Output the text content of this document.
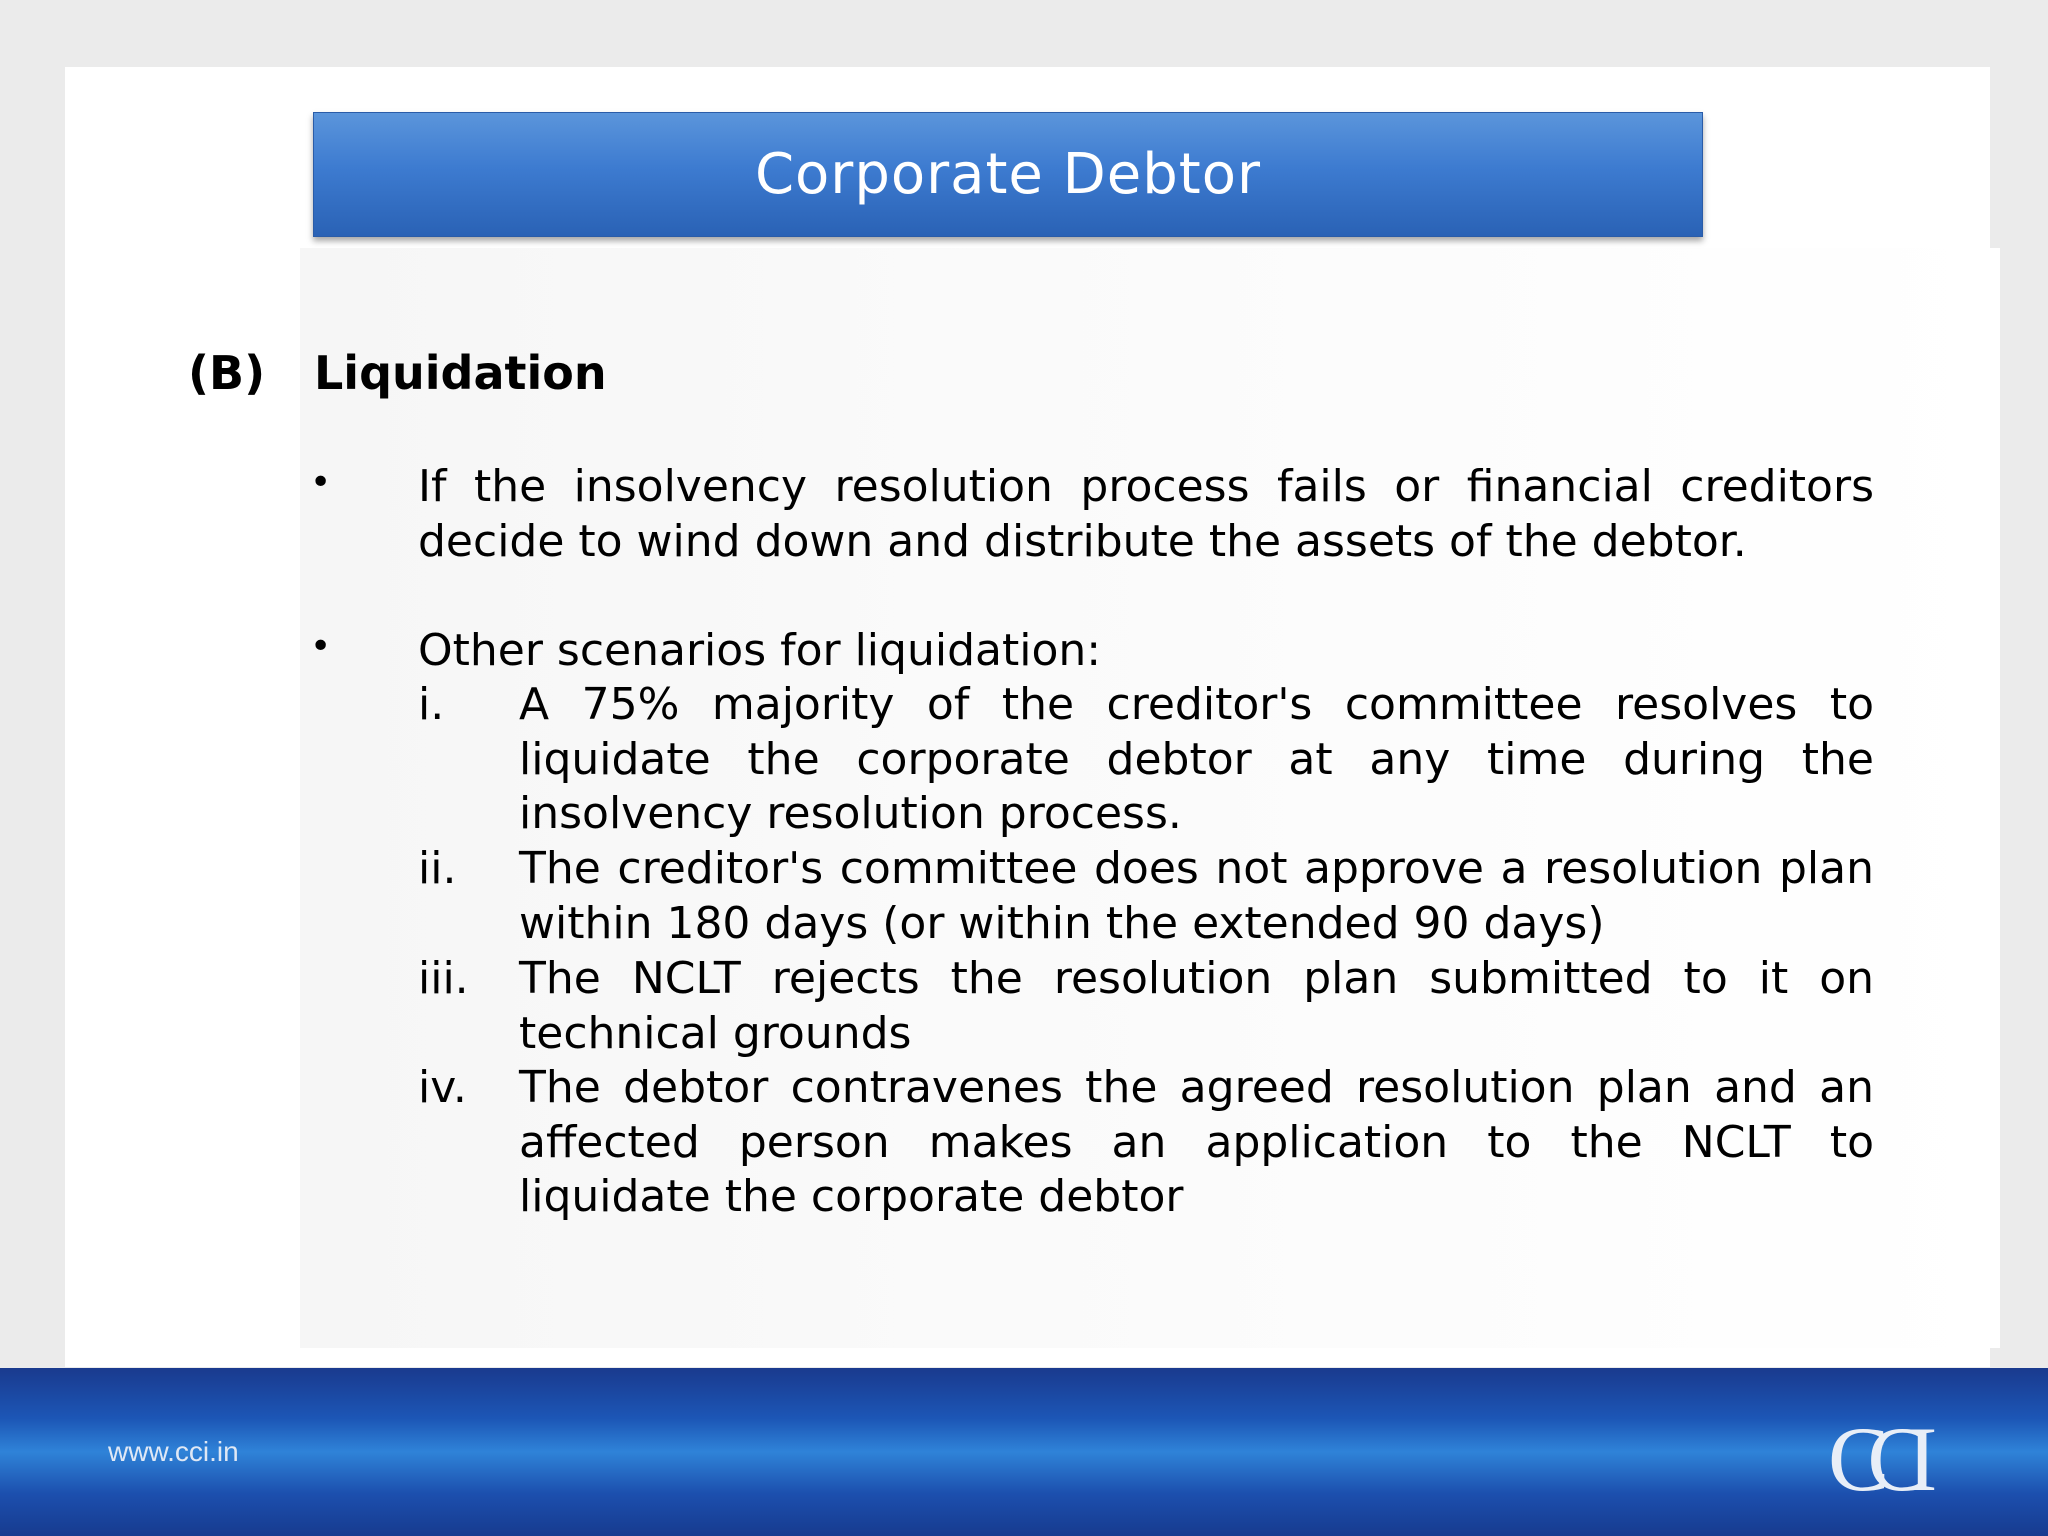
Corporate Debtor
(B)	Liquidation
• If the insolvency resolution process fails or financial creditors decide to wind down and distribute the assets of the debtor.
• Other scenarios for liquidation:
i. A 75% majority of the creditor's committee resolves to liquidate the corporate debtor at any time during the insolvency resolution process.
ii. The creditor's committee does not approve a resolution plan within 180 days (or within the extended 90 days)
iii. The NCLT rejects the resolution plan submitted to it on technical grounds
iv. The debtor contravenes the agreed resolution plan and an affected person makes an application to the NCLT to liquidate the corporate debtor
www.cci.in	CCI
